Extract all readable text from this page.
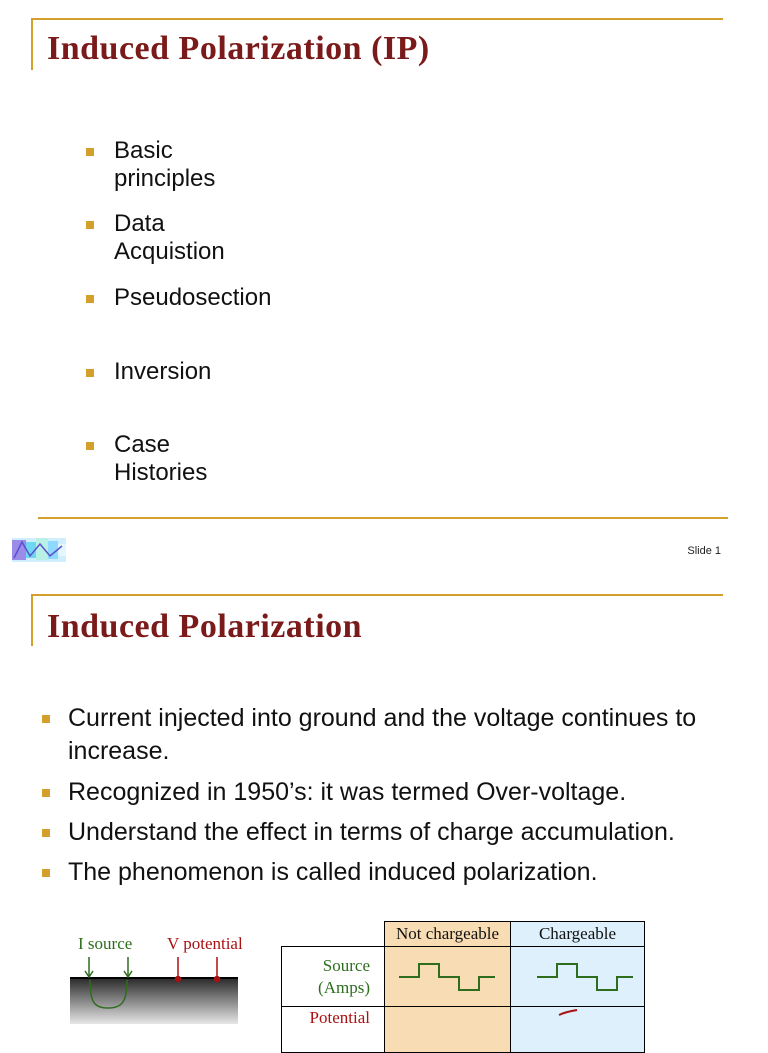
Induced Polarization (IP)
Basic principles
Data Acquistion
Pseudosection
Inversion
Case Histories
Slide 1
Induced Polarization
Current injected into ground and the voltage continues to increase.
Recognized in 1950’s: it was termed Over-voltage.
Understand the effect in terms of charge accumulation.
The phenomenon is called induced polarization.
I source V potential
	Not chargeable	Chargeable

Source
(Amps)

Potential		
